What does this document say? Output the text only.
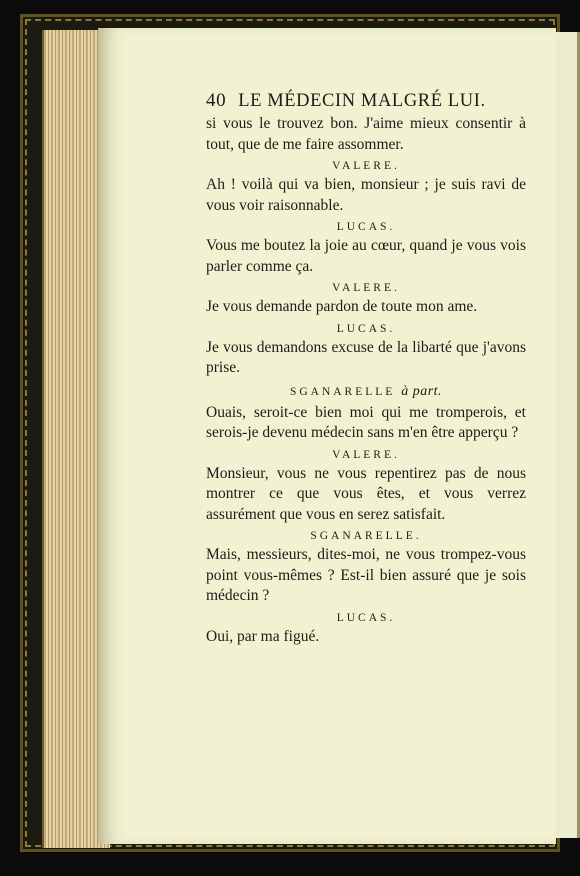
40 LE MÉDECIN MALGRÉ LUI.

si vous le trouvez bon. J'aime mieux consentir à tout, que de me faire assommer.

VALERE.

Ah ! voilà qui va bien, monsieur ; je suis ravi de vous voir raisonnable.

LUCAS.

Vous me boutez la joie au cœur, quand je vous vois parler comme ça.

VALERE.

Je vous demande pardon de toute mon ame.

LUCAS.

Je vous demandons excuse de la libarté que j'avons prise.

SGANARELLE à part.

Ouais, seroit-ce bien moi qui me tromperois, et serois-je devenu médecin sans m'en être apperçu ?

VALERE.

Monsieur, vous ne vous repentirez pas de nous montrer ce que vous êtes, et vous verrez assurément que vous en serez satisfait.

SGANARELLE.

Mais, messieurs, dites-moi, ne vous trompez-vous point vous-mêmes ? Est-il bien assuré que je sois médecin ?

LUCAS.

Oui, par ma figué.
